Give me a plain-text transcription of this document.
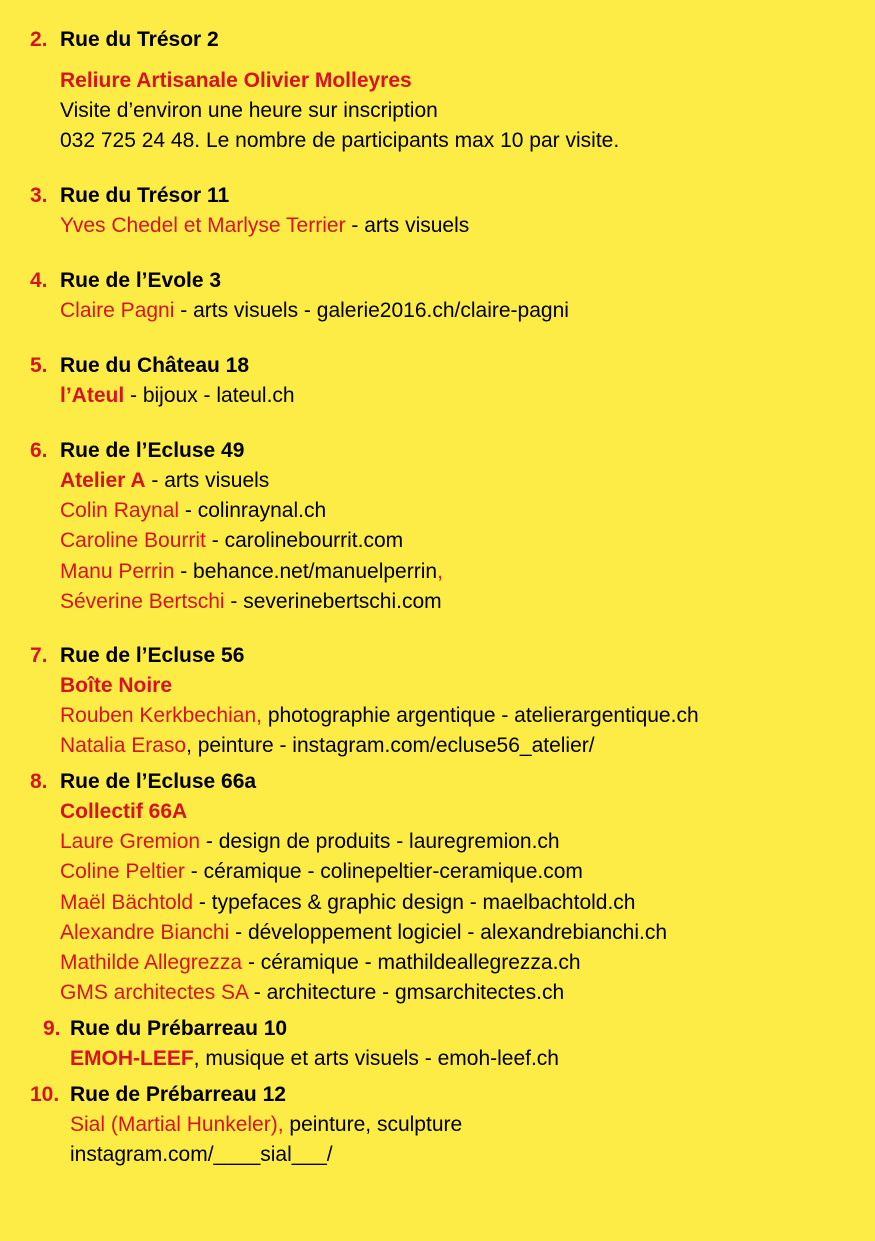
2. Rue du Trésor 2
Reliure Artisanale Olivier Molleyres
Visite d’environ une heure sur inscription
032 725 24 48. Le nombre de participants max 10 par visite.
3. Rue du Trésor 11
Yves Chedel et Marlyse Terrier - arts visuels
4. Rue de l’Evole 3
Claire Pagni - arts visuels - galerie2016.ch/claire-pagni
5. Rue du Château 18
l’Ateul - bijoux - lateul.ch
6. Rue de l’Ecluse 49
Atelier A - arts visuels
Colin Raynal - colinraynal.ch
Caroline Bourrit - carolinebourrit.com
Manu Perrin - behance.net/manuelperrin,
Séverine Bertschi - severinebertschi.com
7. Rue de l’Ecluse 56
Boîte Noire
Rouben Kerkbechian, photographie argentique - atelierargentique.ch
Natalia Eraso, peinture - instagram.com/ecluse56_atelier/
8. Rue de l’Ecluse 66a
Collectif 66A
Laure Gremion - design de produits - lauregremion.ch
Coline Peltier - céramique - colinepeltier-ceramique.com
Maël Bächtold - typefaces & graphic design - maelbachtold.ch
Alexandre Bianchi - développement logiciel - alexandrebianchi.ch
Mathilde Allegrezza - céramique - mathildeallegrezza.ch
GMS architectes SA - architecture - gmsarchitectes.ch
9. Rue du Prébarreau 10
EMOH-LEEF, musique et arts visuels - emoh-leef.ch
10. Rue de Prébarreau 12
Sial (Martial Hunkeler), peinture, sculpture
instagram.com/____sial___/
